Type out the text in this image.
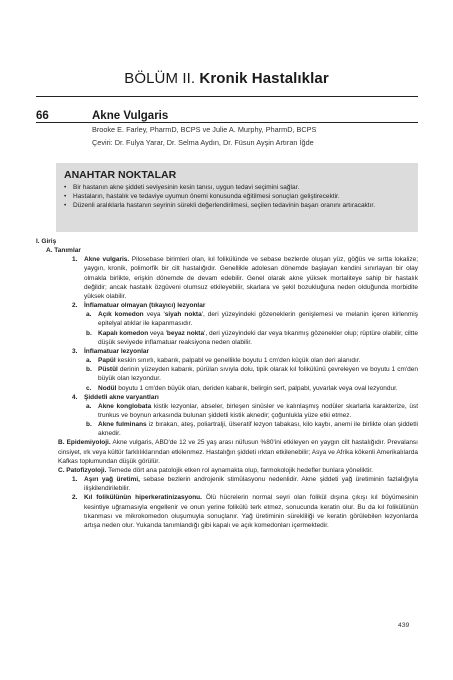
BÖLÜM II. Kronik Hastalıklar
66	Akne Vulgaris
Brooke E. Farley, PharmD, BCPS ve Julie A. Murphy, PharmD, BCPS
Çeviri: Dr. Fulya Yarar, Dr. Selma Aydın, Dr. Füsun Ayşin Artıran İğde
ANAHTAR NOKTALAR
• Bir hastanın akne şiddeti seviyesinin kesin tanısı, uygun tedavi seçimini sağlar.
• Hastaların, hastalık ve tedaviye uyumun önemi konusunda eğitilmesi sonuçları geliştirecektir.
• Düzenli aralıklarla hastanın seyrinin sürekli değerlendirilmesi, seçilen tedavinin başarı oranını artıracaktır.
I. Giriş
A. Tanımlar
1.	Akne vulgaris. Pilosebase birimleri olan, kıl folikülünde ve sebase bezlerde oluşan yüz, göğüs ve sırtta lokalize; yaygın, kronik, polimorfik bir cilt hastalığıdır. Genellikle adolesan dönemde başlayan kendini sınırlayan bir olay olmakla birlikte, erişkin dönemde de devam edebilir. Genel olarak akne yüksek mortaliteye sahip bir hastalık değildir; ancak hastalık özgüveni olumsuz etkileyebilir, skarlara ve şekil bozukluğuna neden olduğunda morbidite yüksek olabilir.
2.	İnflamatuar olmayan (tıkayıcı) lezyonlar
a.	Açık komedon veya 'siyah nokta', deri yüzeyindeki gözeneklerin genişlemesi ve melanin içeren kirlenmiş epitelyal atıklar ile kapanmasıdır.
b. Kapalı komedon veya 'beyaz nokta', deri yüzeyindeki dar veya tıkanmış gözenekler olup; rüptüre olabilir, ciltte düşük seviyede inflamatuar reaksiyona neden olabilir.
3.	İnflamatuar lezyonlar
a.	Papül keskin sınırlı, kabarık, palpabl ve genellikle boyutu 1 cm'den küçük olan deri alanıdır.
b. Püstül derinin yüzeyden kabarık, pürülan sıvıyla dolu, tipik olarak kıl folikülünü çevreleyen ve boyutu 1 cm'den büyük olan lezyondur.
c.	Nodül boyutu 1 cm'den büyük olan, deriden kabarık, belirgin sert, palpabl, yuvarlak veya oval lezyondur.
4.	Şiddetli akne varyantları
a.	Akne konglobata kistik lezyonlar, abseler, birleşen sinüsler ve kalınlaşmış nodüler skarlarla karakterize, üst trunkus ve boynun arkasında bulunan şiddetli kistik aknedir; çoğunlukla yüze etki etmez.
b. Akne fulminans iz bırakan, ateş, poliartralji, ülseratif lezyon tabakası, kilo kaybı, anemi ile birlikte olan şiddetli aknedir.
B. Epidemiyoloji. Akne vulgaris, ABD'de 12 ve 25 yaş arası nüfusun %80'ini etkileyen en yaygın cilt hastalığıdır. Prevalansı cinsiyet, ırk veya kültür farklılıklarından etkilenmez. Hastalığın şiddeti ırktan etkilenebilir; Asya ve Afrika kökenli Amerikalılarda Kafkas toplumundan düşük görülür.
C. Patofizyoloji. Temede dört ana patolojik etken rol aynamakta olup, farmokolojik hedefler bunlara yöneliktir.
1.	Aşırı yağ üretimi, sebase bezlerin androjenik stimülasyonu nedenlidir. Akne şiddeti yağ üretiminin fazlalığıyla ilişkilendirilebilir.
2.	Kıl folikülünün hiperkeratinizasyonu. Ölü hücrelerin normal seyri olan folikül dışına çıkışı kıl büyümesinin kesintiye uğramasıyla engellenir ve onun yerine folikülü terk etmez, sonucunda keratin olur. Bu da kıl folikülünün tıkanması ve mikrokomedon oluşumuyla sonuçlanır. Yağ üretiminin sürekliliği ve keratin görülebilen lezyonlarda artışa neden olur. Yukarıda tanımlandığı gibi kapalı ve açık komedonları içermektedir.
439
